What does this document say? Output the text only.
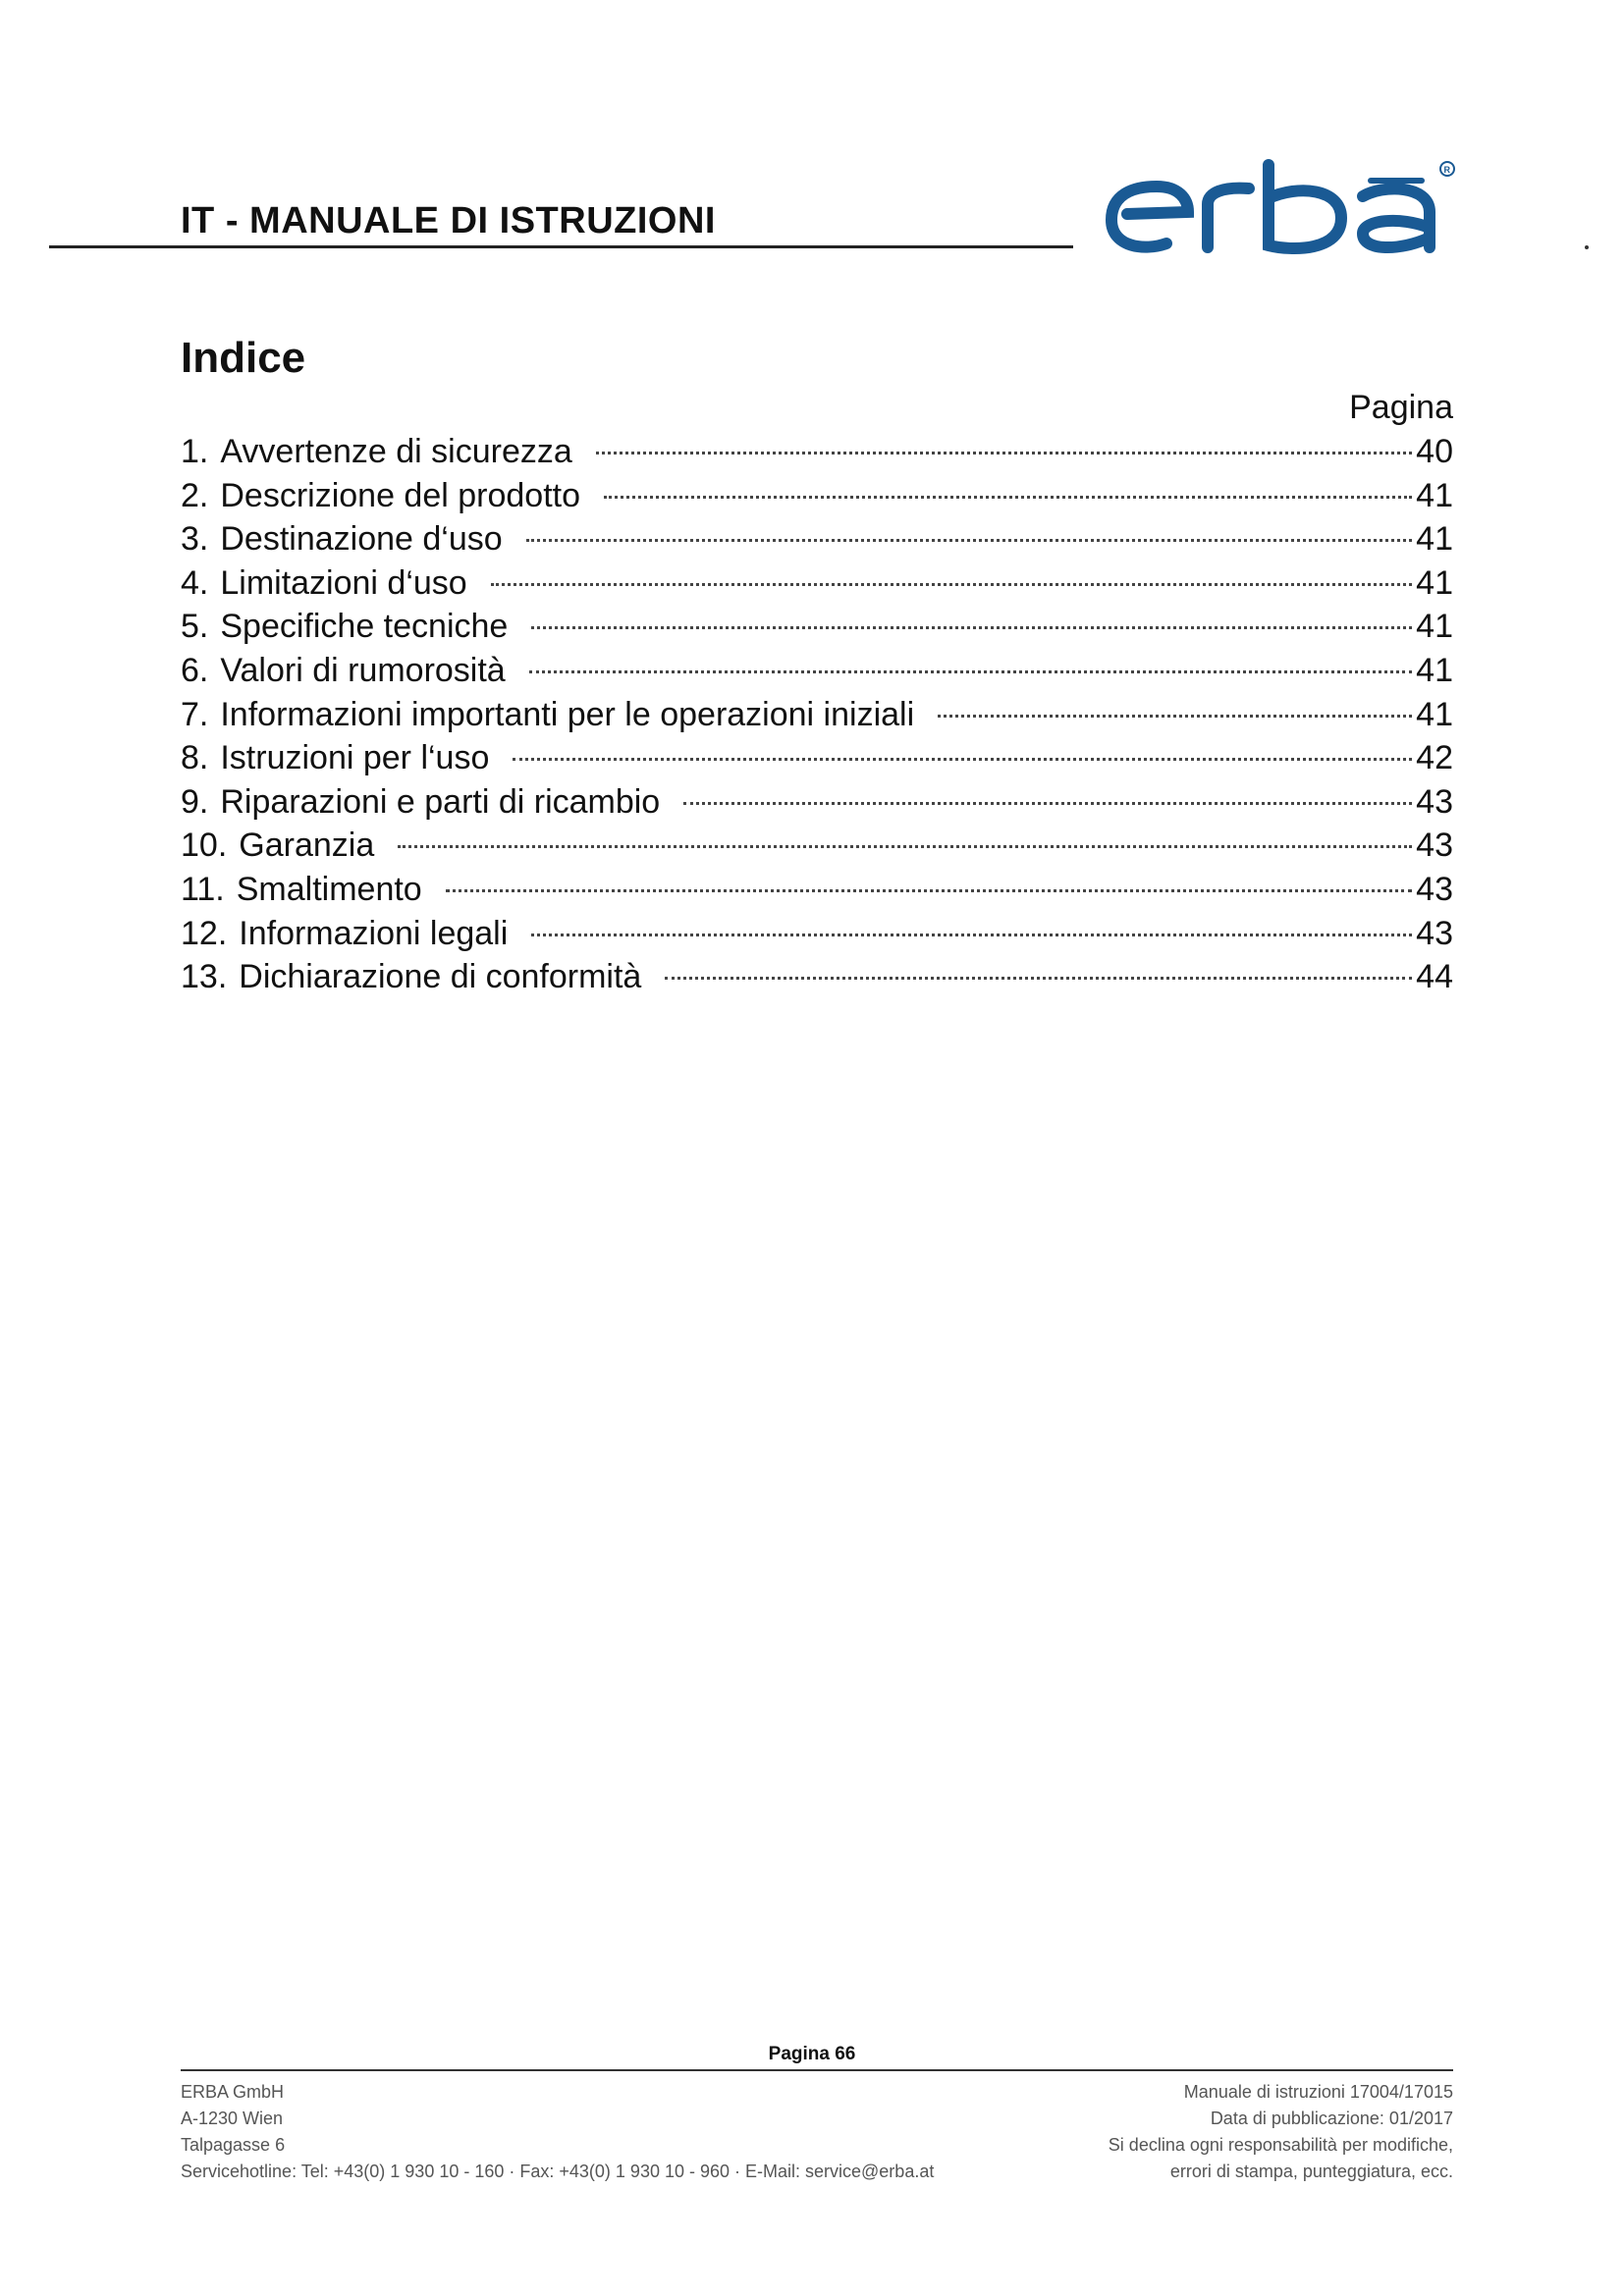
IT - MANUALE DI ISTRUZIONI
R
Indice
Pagina
1. Avvertenze di sicurezza	40
2. Descrizione del prodotto	41
3. Destinazione d‘uso	41
4. Limitazioni d‘uso	41
5. Specifiche tecniche	41
6. Valori di rumorosità	41
7. Informazioni importanti per le operazioni iniziali	41
8. Istruzioni per l‘uso	42
9. Riparazioni e parti di ricambio	43
10. Garanzia	43
11. Smaltimento	43
12. Informazioni legali	43
13. Dichiarazione di conformità	44
Pagina 66
ERBA GmbH
A-1230 Wien
Talpagasse 6
Servicehotline: Tel: +43(0) 1 930 10 - 160 · Fax: +43(0) 1 930 10 - 960 · E-Mail: service@erba.at
Manuale di istruzioni 17004/17015
Data di pubblicazione: 01/2017
Si declina ogni responsabilità per modifiche,
errori di stampa, punteggiatura, ecc.
